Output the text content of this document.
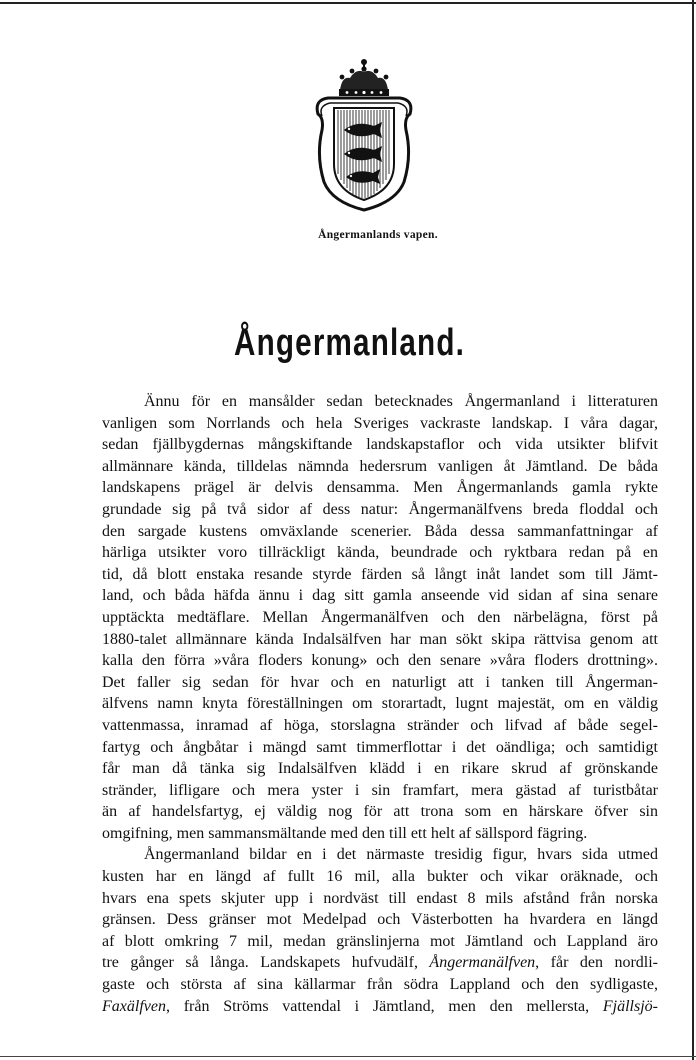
Ångermanlands vapen.
Ångermanland.
Ännu för en mansålder sedan betecknades Ångermanland i litteraturen
vanligen som Norrlands och hela Sveriges vackraste landskap. I våra dagar,
sedan fjällbygdernas mångskiftande landskapstaflor och vida utsikter blifvit
allmännare kända, tilldelas nämnda hedersrum vanligen åt Jämtland. De båda
landskapens prägel är delvis densamma. Men Ångermanlands gamla rykte
grundade sig på två sidor af dess natur: Ångermanälfvens breda floddal och
den sargade kustens omväxlande scenerier. Båda dessa sammanfattningar af
härliga utsikter voro tillräckligt kända, beundrade och ryktbara redan på en
tid, då blott enstaka resande styrde färden så långt inåt landet som till Jämt-
land, och båda häfda ännu i dag sitt gamla anseende vid sidan af sina senare
upptäckta medtäflare. Mellan Ångermanälfven och den närbelägna, först på
1880-talet allmännare kända Indalsälfven har man sökt skipa rättvisa genom att
kalla den förra »våra floders konung» och den senare »våra floders drottning».
Det faller sig sedan för hvar och en naturligt att i tanken till Ångerman-
älfvens namn knyta föreställningen om storartadt, lugnt majestät, om en väldig
vattenmassa, inramad af höga, storslagna stränder och lifvad af både segel-
fartyg och ångbåtar i mängd samt timmerflottar i det oändliga; och samtidigt
får man då tänka sig Indalsälfven klädd i en rikare skrud af grönskande
stränder, lifligare och mera yster i sin framfart, mera gästad af turistbåtar
än af handelsfartyg, ej väldig nog för att trona som en härskare öfver sin
omgifning, men sammansmältande med den till ett helt af sällspord fägring.
Ångermanland bildar en i det närmaste tresidig figur, hvars sida utmed
kusten har en längd af fullt 16 mil, alla bukter och vikar oräknade, och
hvars ena spets skjuter upp i nordväst till endast 8 mils afstånd från norska
gränsen. Dess gränser mot Medelpad och Västerbotten ha hvardera en längd
af blott omkring 7 mil, medan gränslinjerna mot Jämtland och Lappland äro
tre gånger så långa. Landskapets hufvudälf, Ångermanälfven, får den nordli-
gaste och största af sina källarmar från södra Lappland och den sydligaste,
Faxälfven, från Ströms vattendal i Jämtland, men den mellersta, Fjällsjö-
